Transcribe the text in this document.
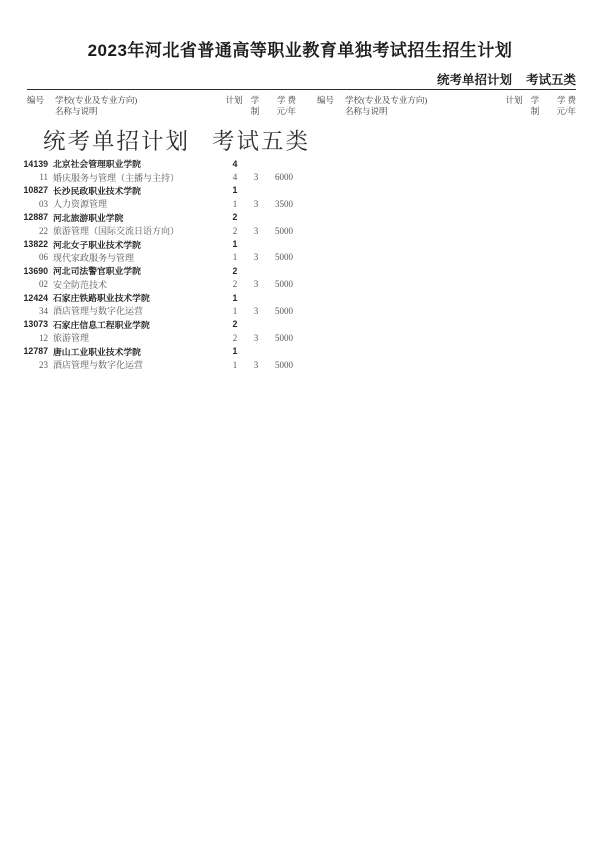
2023年河北省普通高等职业教育单独考试招生招生计划
统考单招计划 考试五类
编号	学校(专业及专业方向)
名称与说明
计划 学制
学 费
元/年
编号	学校(专业及专业方向)
名称与说明
计划 学制
学 费
元/年
统考单招计划 考试五类
14139 北京社会管理职业学院	4
11 婚庆服务与管理（主播与主持）	4	3	6000
10827 长沙民政职业技术学院	1
03 人力资源管理	1	3	3500
12887 河北旅游职业学院	2
22 旅游管理（国际交流日语方向）	2	3	5000
13822 河北女子职业技术学院	1
06 现代家政服务与管理	1	3	5000
13690 河北司法警官职业学院	2
02 安全防范技术	2	3	5000
12424 石家庄铁路职业技术学院	1
34 酒店管理与数字化运营	1	3	5000
13073 石家庄信息工程职业学院	2
12 旅游管理	2	3	5000
12787 唐山工业职业技术学院	1
23 酒店管理与数字化运营	1	3	5000
